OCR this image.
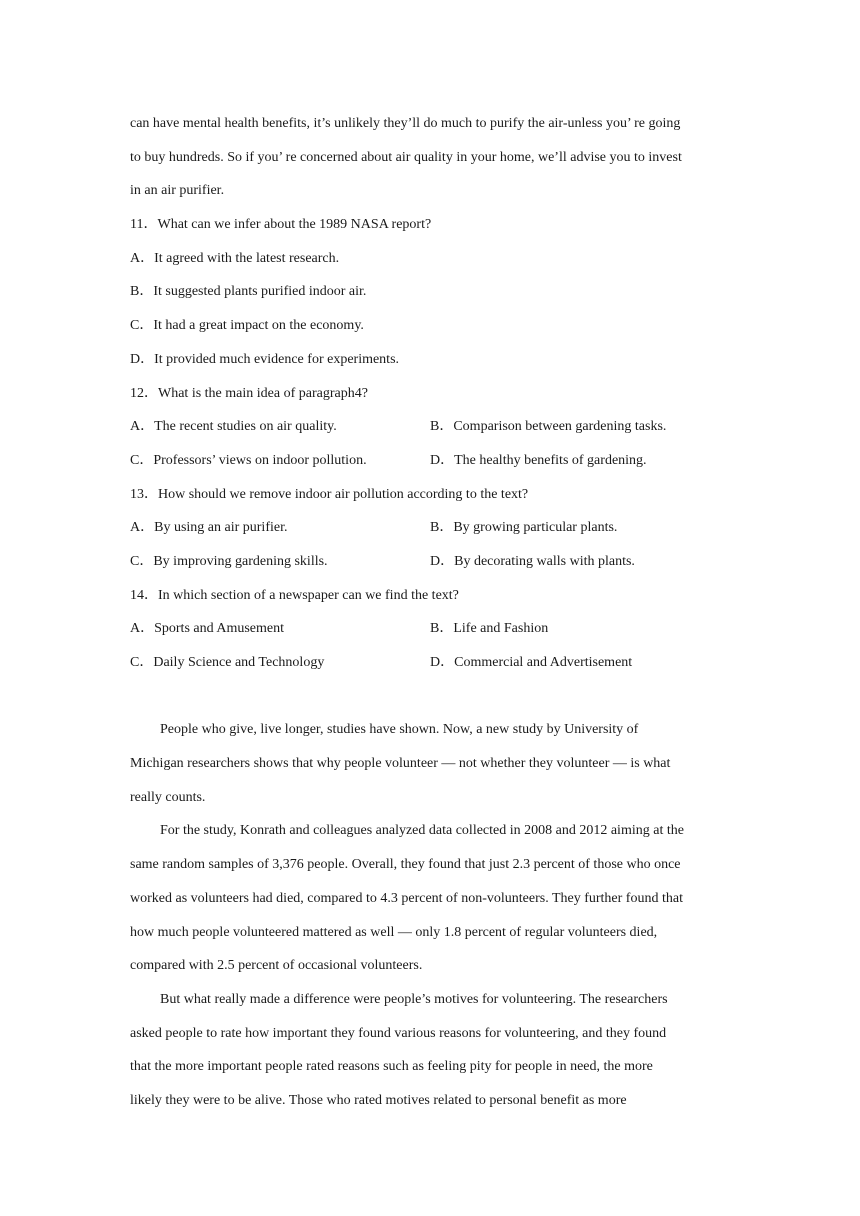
can have mental health benefits, it’s unlikely they’ll do much to purify the air-unless you’ re going
to buy hundreds. So if you’ re concerned about air quality in your home, we’ll advise you to invest
in an air purifier.
11．What can we infer about the 1989 NASA report?
A．It agreed with the latest research.
B．It suggested plants purified indoor air.
C．It had a great impact on the economy.
D．It provided much evidence for experiments.
12．What is the main idea of paragraph4?
A．The recent studies on air quality.	B．Comparison between gardening tasks.
C．Professors’ views on indoor pollution.	D．The healthy benefits of gardening.
13．How should we remove indoor air pollution according to the text?
A．By using an air purifier.	B．By growing particular plants.
C．By improving gardening skills.	D．By decorating walls with plants.
14．In which section of a newspaper can we find the text?
A．Sports and Amusement	B．Life and Fashion
C．Daily Science and Technology	D．Commercial and Advertisement
People who give, live longer, studies have shown. Now, a new study by University of
Michigan researchers shows that why people volunteer — not whether they volunteer — is what
really counts.
For the study, Konrath and colleagues analyzed data collected in 2008 and 2012 aiming at the
same random samples of 3,376 people. Overall, they found that just 2.3 percent of those who once
worked as volunteers had died, compared to 4.3 percent of non-volunteers. They further found that
how much people volunteered mattered as well — only 1.8 percent of regular volunteers died,
compared with 2.5 percent of occasional volunteers.
But what really made a difference were people’s motives for volunteering. The researchers
asked people to rate how important they found various reasons for volunteering, and they found
that the more important people rated reasons such as feeling pity for people in need, the more
likely they were to be alive. Those who rated motives related to personal benefit as more
